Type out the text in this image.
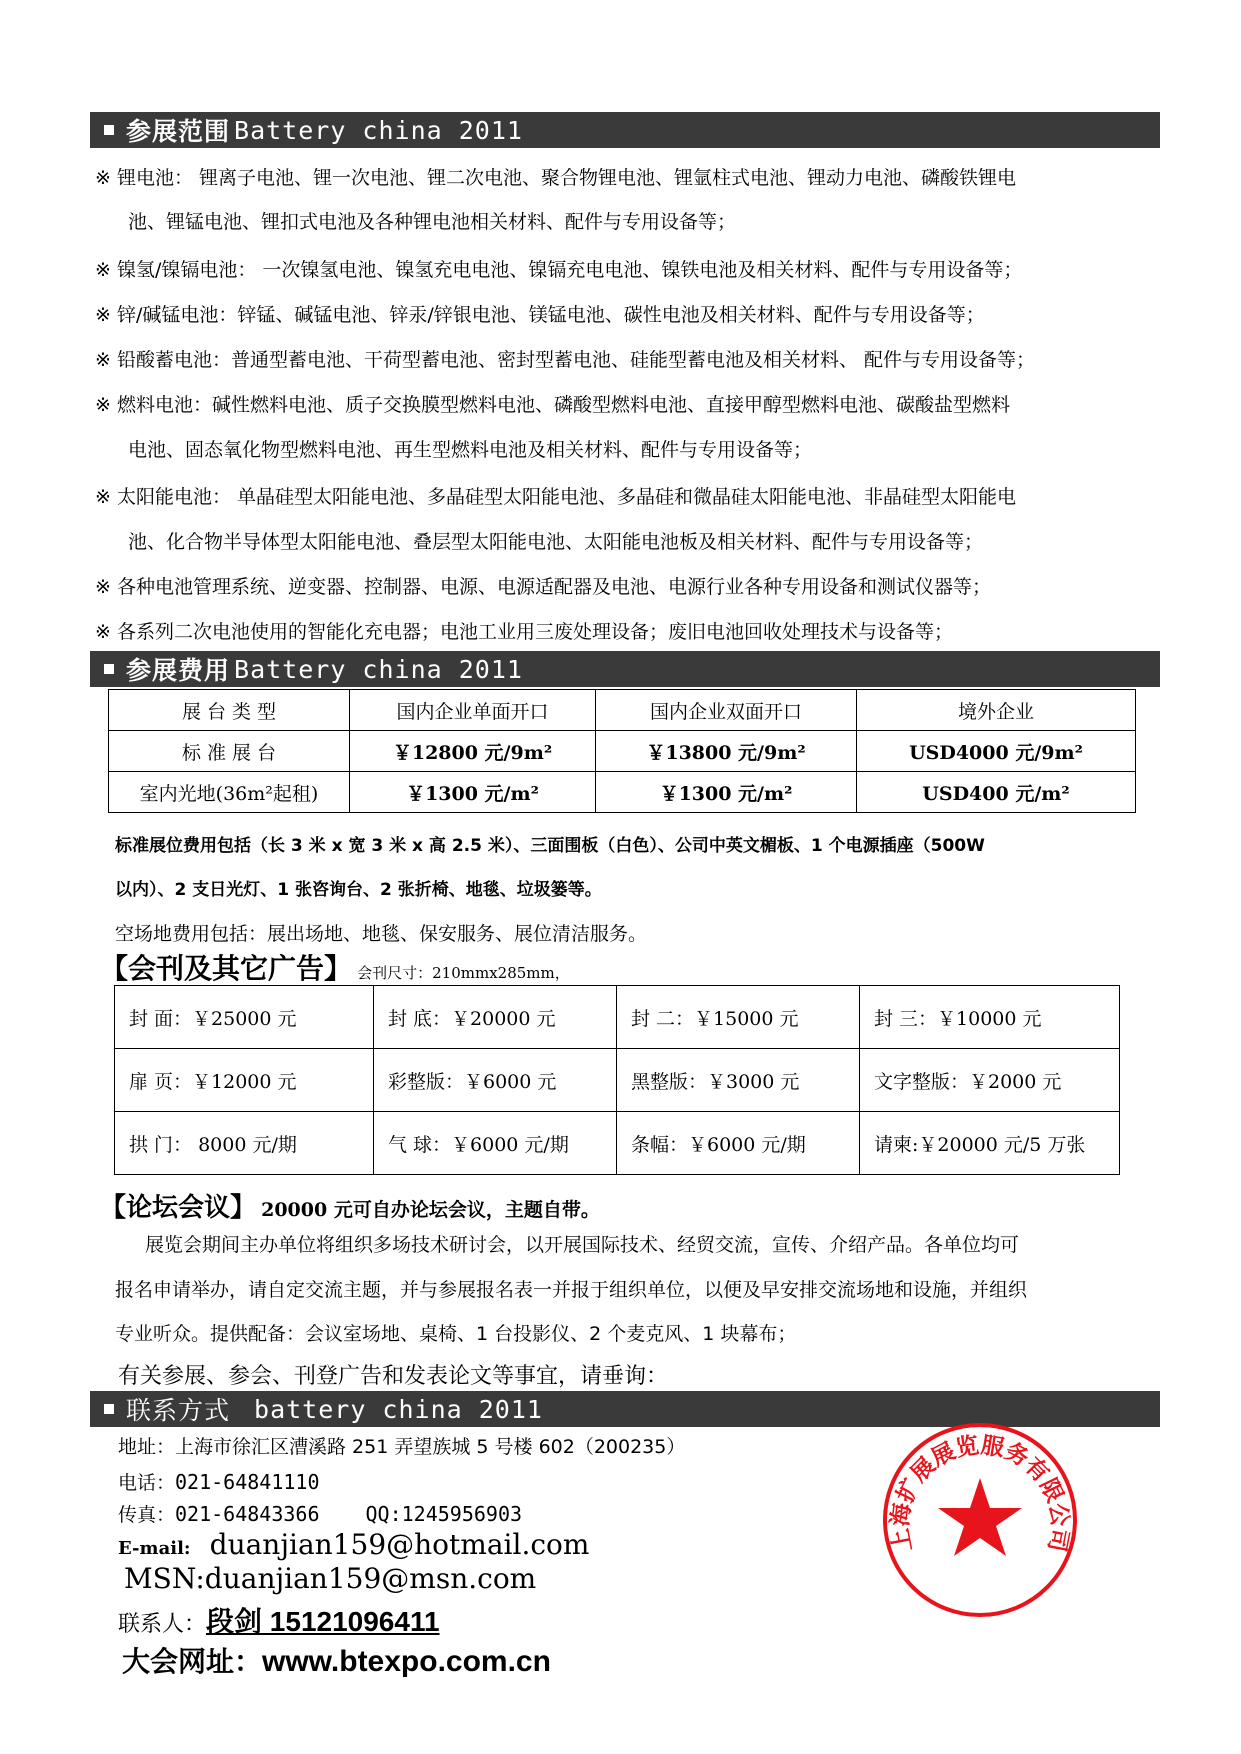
参展范围 Battery china 2011
※ 锂电池： 锂离子电池、锂一次电池、锂二次电池、聚合物锂电池、锂氩柱式电池、锂动力电池、磷酸铁锂电
池、锂锰电池、锂扣式电池及各种锂电池相关材料、配件与专用设备等；
※ 镍氢/镍镉电池： 一次镍氢电池、镍氢充电电池、镍镉充电电池、镍铁电池及相关材料、配件与专用设备等；
※ 锌/碱锰电池：锌锰、碱锰电池、锌汞/锌银电池、镁锰电池、碳性电池及相关材料、配件与专用设备等；
※ 铅酸蓄电池：普通型蓄电池、干荷型蓄电池、密封型蓄电池、硅能型蓄电池及相关材料、 配件与专用设备等；
※ 燃料电池：碱性燃料电池、质子交换膜型燃料电池、磷酸型燃料电池、直接甲醇型燃料电池、碳酸盐型燃料
电池、固态氧化物型燃料电池、再生型燃料电池及相关材料、配件与专用设备等；
※ 太阳能电池： 单晶硅型太阳能电池、多晶硅型太阳能电池、多晶硅和微晶硅太阳能电池、非晶硅型太阳能电
池、化合物半导体型太阳能电池、叠层型太阳能电池、太阳能电池板及相关材料、配件与专用设备等；
※ 各种电池管理系统、逆变器、控制器、电源、电源适配器及电池、电源行业各种专用设备和测试仪器等；
※ 各系列二次电池使用的智能化充电器；电池工业用三废处理设备；废旧电池回收处理技术与设备等；
参展费用 Battery china 2011
展 台 类 型	国内企业单面开口	国内企业双面开口	境外企业
标 准 展 台	￥12800 元/9m²	￥13800 元/9m²	USD4000 元/9m²
室内光地(36m²起租)	￥1300 元/m²	￥1300 元/m²	USD400 元/m²
标准展位费用包括（长 3 米 x 宽 3 米 x 高 2.5 米）、三面围板（白色）、公司中英文楣板、1 个电源插座（500W
以内）、2 支日光灯、1 张咨询台、2 张折椅、地毯、垃圾篓等。
空场地费用包括：展出场地、地毯、保安服务、展位清洁服务。
【会刊及其它广告】 会刊尺寸：210mmx285mm，
封 面：￥25000 元	封 底：￥20000 元	封 二：￥15000 元	封 三：￥10000 元
扉 页：￥12000 元	彩整版：￥6000 元	黑整版：￥3000 元	文字整版：￥2000 元
拱 门： 8000 元/期	气 球：￥6000 元/期	条幅：￥6000 元/期	请柬:￥20000 元/5 万张
【论坛会议】 20000 元可自办论坛会议，主题自带。
展览会期间主办单位将组织多场技术研讨会，以开展国际技术、经贸交流，宣传、介绍产品。各单位均可
报名申请举办，请自定交流主题，并与参展报名表一并报于组织单位，以便及早安排交流场地和设施，并组织
专业听众。提供配备：会议室场地、桌椅、1 台投影仪、2 个麦克风、1 块幕布；
有关参展、参会、刊登广告和发表论文等事宜，请垂询：
联系方式 battery china 2011
地址：上海市徐汇区漕溪路 251 弄望族城 5 号楼 602（200235）
电话：021-64841110
传真：021-64843366 QQ:1245956903
E-mail: duanjian159@hotmail.com
MSN:duanjian159@msn.com
联系人：段剑 15121096411
大会网址：www.btexpo.com.cn
上海扩展展览服务有限公司
